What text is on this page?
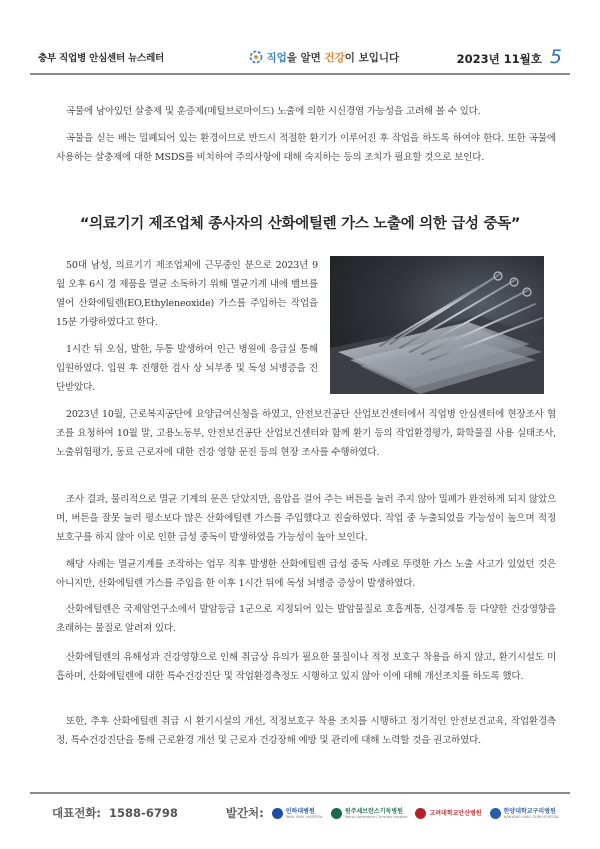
충부 직업병 안심센터 뉴스레터	직업을 알면 건강이 보입니다	2023년 11월호 5

곡물에 남아있던 살충제 및 훈증제(메틸브로마이드) 노출에 의한 시신경염 가능성을 고려해 볼 수 있다.

곡물을 싣는 배는 밀폐되어 있는 환경이므로 반드시 적절한 환기가 이루어진 후 작업을 하도록 하여야 한다. 또한 곡물에 사용하는 살충제에 대한 MSDS를 비치하여 주의사항에 대해 숙지하는 등의 조치가 필요할 것으로 보인다.

“의료기기 제조업체 종사자의 산화에틸렌 가스 노출에 의한 급성 중독”

50대 남성, 의료기기 제조업체에 근무중인 분으로 2023년 9월 오후 6시 경 제품을 멸균 소독하기 위해 멸균기계 내에 벨브를 열어 산화에틸렌(EO,Ethyleneoxide) 가스를 주입하는 작업을 15분 가량하였다고 한다.

1시간 뒤 오심, 발한, 두통 발생하여 인근 병원에 응급실 통해 입원하였다. 입원 후 진행한 검사 상 뇌부종 및 독성 뇌병증을 진단받았다.

2023년 10월, 근로복지공단에 요양급여신청을 하였고, 안전보건공단 산업보건센터에서 직업병 안심센터에 현장조사 협조를 요청하여 10월 말, 고용노동부, 안전보건공단 산업보건센터와 함께 환기 등의 작업환경평가, 화학물질 사용 실태조사, 노출위험평가, 동료 근로자에 대한 건강 영향 문진 등의 현장 조사를 수행하였다.

조사 결과, 물리적으로 멸균 기계의 문은 닫았지만, 음압을 걸어 주는 버튼을 눌러 주지 않아 밀폐가 완전하게 되지 않았으며, 버튼을 잘못 눌러 평소보다 많은 산화에틸렌 가스를 주입했다고 진술하였다. 작업 중 누출되었을 가능성이 높으며 적정보호구를 하지 않아 이로 인한 급성 중독이 발생하였을 가능성이 높아 보인다.

해당 사례는 멸균기계를 조작하는 업무 직후 발생한 산화에틸렌 급성 중독 사례로 뚜렷한 가스 노출 사고가 있었던 것은 아니지만, 산화에틸렌 가스를 주입을 한 이후 1시간 뒤에 독성 뇌병증 증상이 발생하였다.

산화에틸렌은 국제암연구소에서 발암등급 1군으로 지정되어 있는 발암물질로 호흡계통, 신경계통 등 다양한 건강영향을 초래하는 물질로 알려져 있다.

산화에틸렌의 유해성과 건강영향으로 인해 취급상 유의가 필요한 물질이나 적정 보호구 착용을 하지 않고, 환기시설도 미흡하며, 산화에틸렌에 대한 특수건강진단 및 작업환경측정도 시행하고 있지 않아 이에 대해 개선조치를 하도록 했다.

또한, 추후 산화에틸렌 취급 시 환기시설의 개선, 적정보호구 착용 조치를 시행하고 정기적인 안전보건교육, 작업환경측정, 특수건강진단을 통해 근로환경 개선 및 근로자 건강장해 예방 및 관리에 대해 노력할 것을 권고하였다.

대표전화: 1588-6798	발간처:	인하대병원
INHA UNIV. HOSPITAL
원주세브란스기독병원
Wonju Severance Christian Hospital	고려대학교안산병원	한양대학교구리병원
HANYANG UNIV. GURI HOSPITAL
